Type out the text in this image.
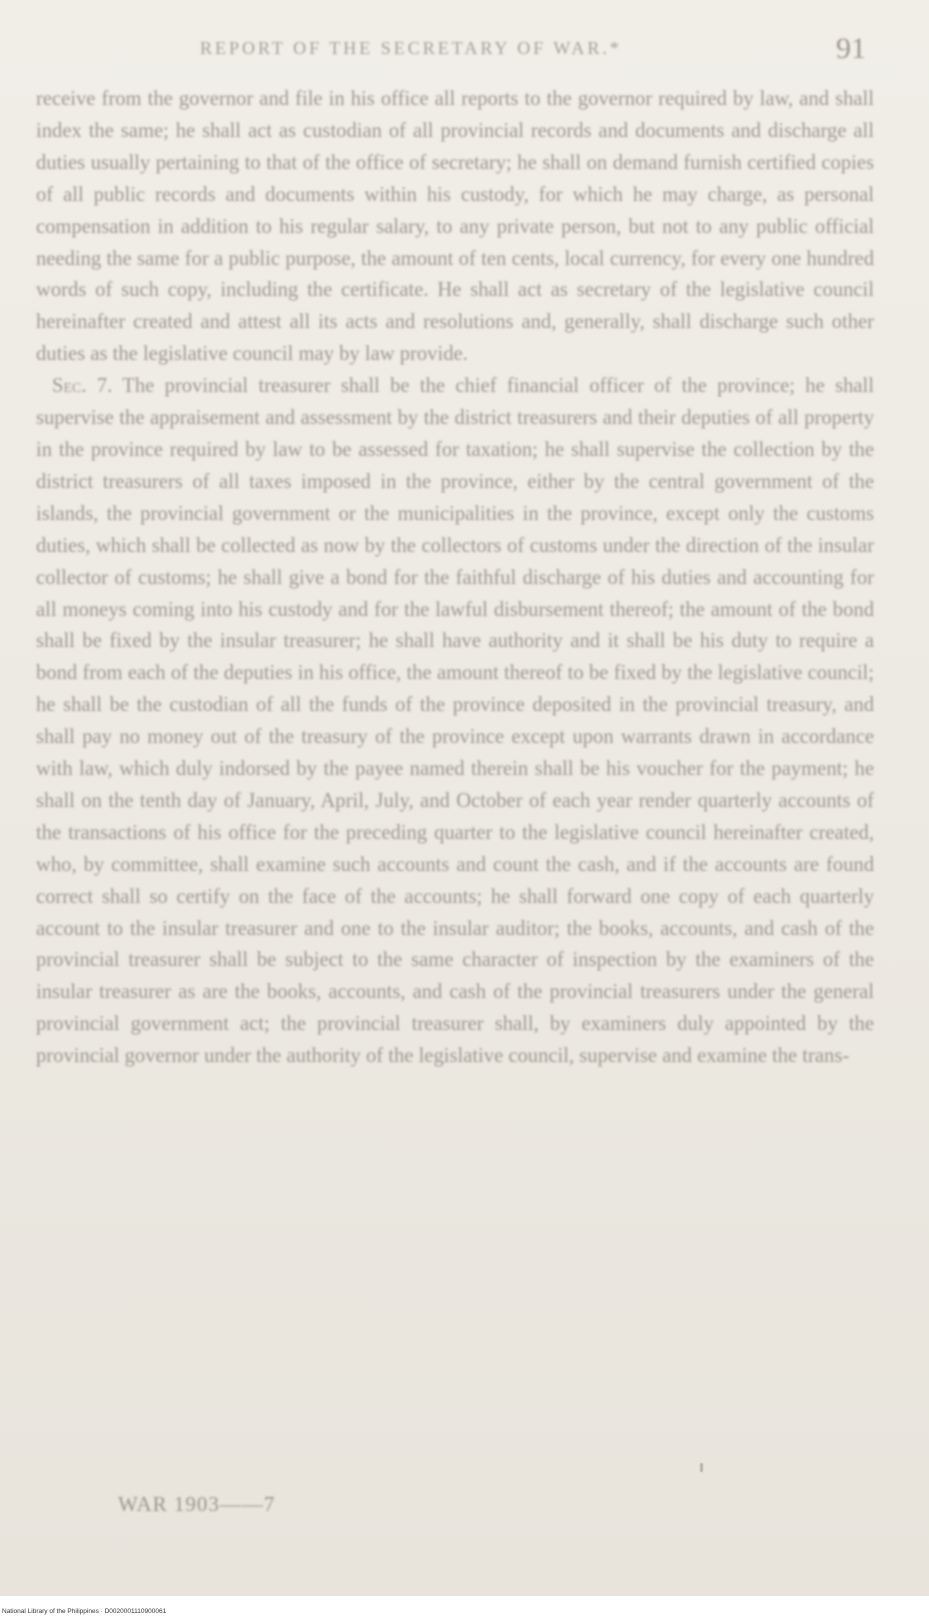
REPORT OF THE SECRETARY OF WAR.*	91

receive from the governor and file in his office all reports to the governor required by law, and shall index the same; he shall act as custodian of all provincial records and documents and discharge all duties usually pertaining to that of the office of secretary; he shall on demand furnish certified copies of all public records and documents within his custody, for which he may charge, as personal compensation in addition to his regular salary, to any private person, but not to any public official needing the same for a public purpose, the amount of ten cents, local currency, for every one hundred words of such copy, including the certificate. He shall act as secretary of the legislative council hereinafter created and attest all its acts and resolutions and, generally, shall discharge such other duties as the legislative council may by law provide.

Sec. 7. The provincial treasurer shall be the chief financial officer of the province; he shall supervise the appraisement and assessment by the district treasurers and their deputies of all property in the province required by law to be assessed for taxation; he shall supervise the collection by the district treasurers of all taxes imposed in the province, either by the central government of the islands, the provincial government or the municipalities in the province, except only the customs duties, which shall be collected as now by the collectors of customs under the direction of the insular collector of customs; he shall give a bond for the faithful discharge of his duties and accounting for all moneys coming into his custody and for the lawful disbursement thereof; the amount of the bond shall be fixed by the insular treasurer; he shall have authority and it shall be his duty to require a bond from each of the deputies in his office, the amount thereof to be fixed by the legislative council; he shall be the custodian of all the funds of the province deposited in the provincial treasury, and shall pay no money out of the treasury of the province except upon warrants drawn in accordance with law, which duly indorsed by the payee named therein shall be his voucher for the payment; he shall on the tenth day of January, April, July, and October of each year render quarterly accounts of the transactions of his office for the preceding quarter to the legislative council hereinafter created, who, by committee, shall examine such accounts and count the cash, and if the accounts are found correct shall so certify on the face of the accounts; he shall forward one copy of each quarterly account to the insular treasurer and one to the insular auditor; the books, accounts, and cash of the provincial treasurer shall be subject to the same character of inspection by the examiners of the insular treasurer as are the books, accounts, and cash of the provincial treasurers under the general provincial government act; the provincial treasurer shall, by examiners duly appointed by the provincial governor under the authority of the legislative council, supervise and examine the trans-

WAR 1903——7
National Library of the Philippines · D0020001110900061
